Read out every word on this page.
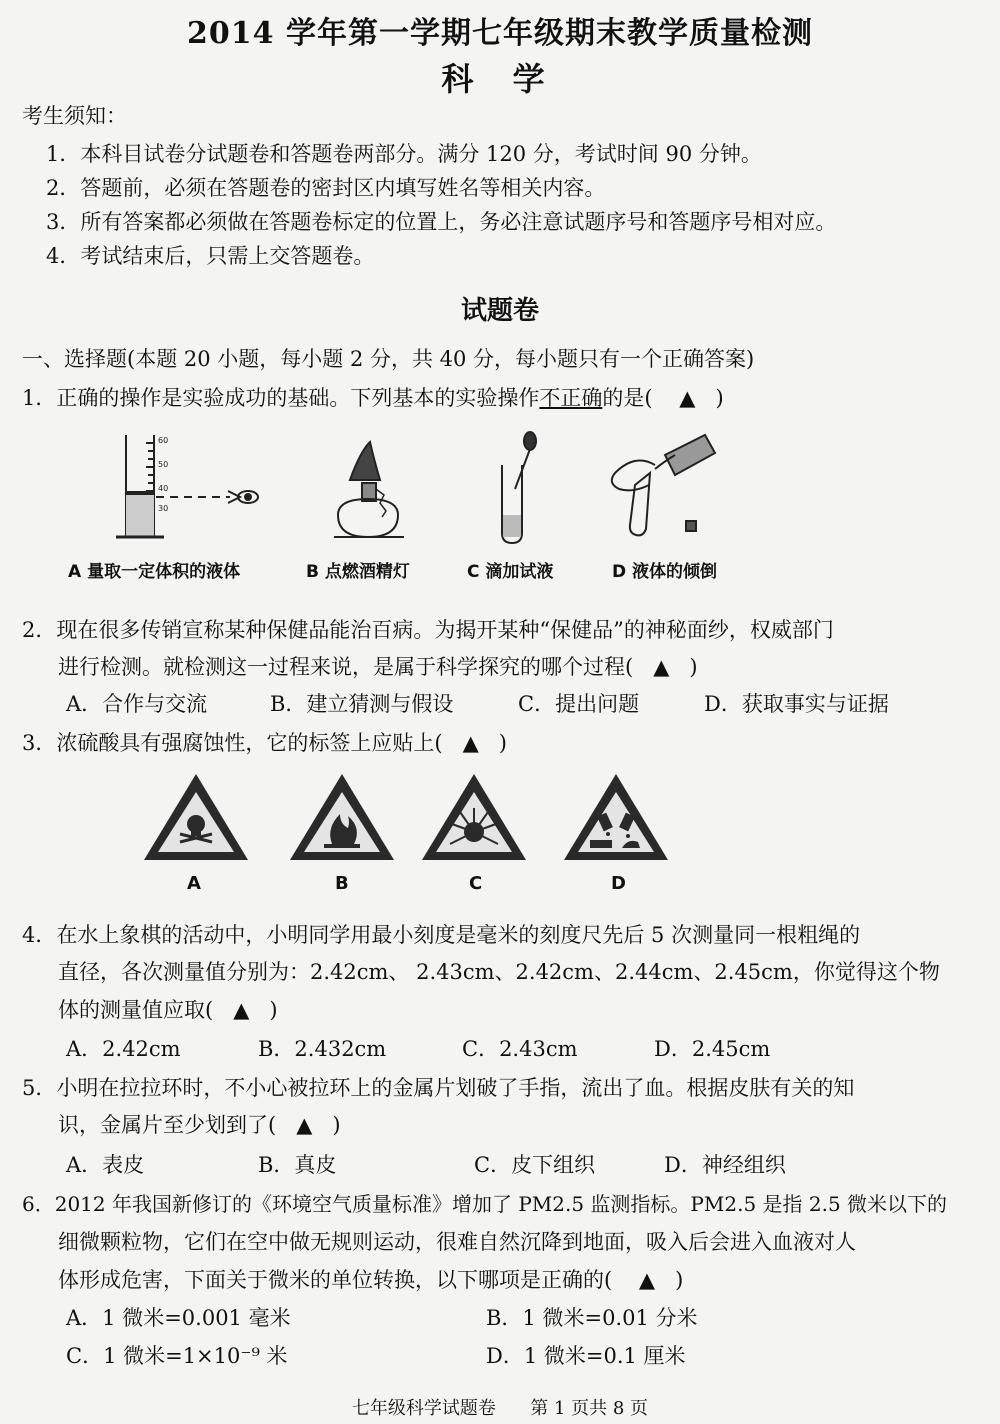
2014 学年第一学期七年级期末教学质量检测
科 学
考生须知：
1．本科目试卷分试题卷和答题卷两部分。满分 120 分，考试时间 90 分钟。
2．答题前，必须在答题卷的密封区内填写姓名等相关内容。
3．所有答案都必须做在答题卷标定的位置上，务必注意试题序号和答题序号相对应。
4．考试结束后，只需上交答题卷。
试题卷
一、选择题(本题 20 小题，每小题 2 分，共 40 分，每小题只有一个正确答案)
1．正确的操作是实验成功的基础。下列基本的实验操作不正确的是( ▲ )
60
50
40
30
A 量取一定体积的液体	B 点燃酒精灯	C 滴加试液	D 液体的倾倒
2．现在很多传销宣称某种保健品能治百病。为揭开某种“保健品”的神秘面纱，权威部门
进行检测。就检测这一过程来说，是属于科学探究的哪个过程( ▲ )
A．合作与交流	B．建立猜测与假设	C．提出问题	D．获取事实与证据
3．浓硫酸具有强腐蚀性，它的标签上应贴上( ▲ )
A	B	C	D
4．在水上象棋的活动中，小明同学用最小刻度是毫米的刻度尺先后 5 次测量同一根粗绳的
直径，各次测量值分别为：2.42cm、 2.43cm、2.42cm、2.44cm、2.45cm，你觉得这个物
体的测量值应取( ▲ )
A．2.42cm	B．2.432cm	C．2.43cm	D．2.45cm
5．小明在拉拉环时，不小心被拉环上的金属片划破了手指，流出了血。根据皮肤有关的知
识，金属片至少划到了( ▲ )
A．表皮	B．真皮	C．皮下组织	D．神经组织
6．2012 年我国新修订的《环境空气质量标准》增加了 PM2.5 监测指标。PM2.5 是指 2.5 微米以下的
细微颗粒物，它们在空中做无规则运动，很难自然沉降到地面，吸入后会进入血液对人
体形成危害，下面关于微米的单位转换，以下哪项是正确的( ▲ )
A．1 微米=0.001 毫米	B．1 微米=0.01 分米
C．1 微米=1×10⁻⁹ 米	D．1 微米=0.1 厘米
七年级科学试题卷 第 1 页共 8 页
